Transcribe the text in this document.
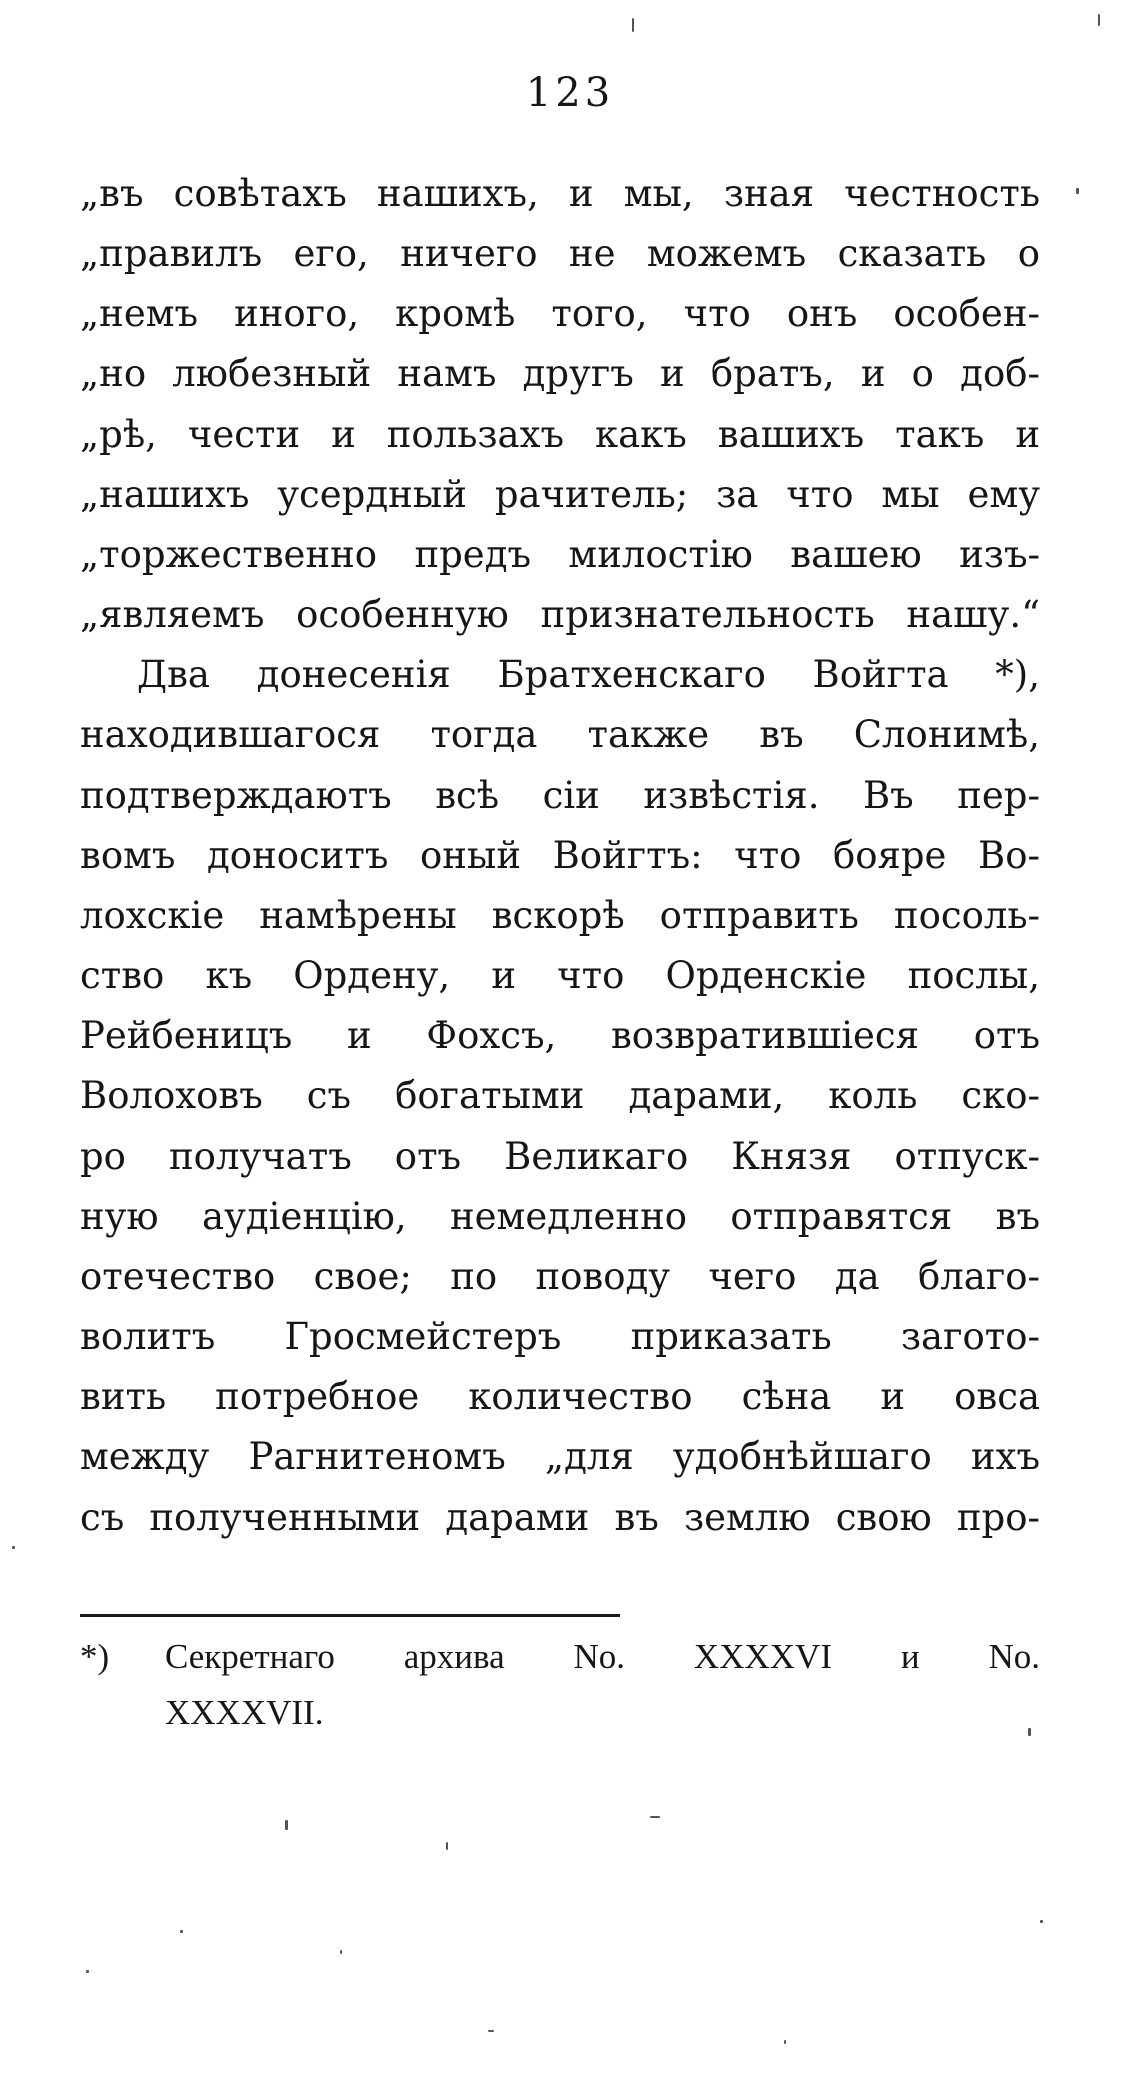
123
„въ совѣтахъ нашихъ, и мы, зная честность
„правилъ его, ничего не можемъ сказать о
„немъ иного, кромѣ того, что онъ особен-
„но любезный намъ другъ и братъ, и о доб-
„рѣ, чести и пользахъ какъ вашихъ такъ и
„нашихъ усердный рачитель; за что мы ему
„торжественно предъ милостію вашею изъ-
„являемъ особенную признательность нашу.“
Два донесенія Братхенскаго Войгта *),
находившагося тогда также въ Слонимѣ,
подтверждаютъ всѣ сіи извѣстія. Въ пер-
вомъ доноситъ оный Войгтъ: что бояре Во-
лохскіе намѣрены вскорѣ отправить посоль-
ство къ Ордену, и что Орденскіе послы,
Рейбеницъ и Фохсъ, возвратившіеся отъ
Волоховъ съ богатыми дарами, коль ско-
ро получатъ отъ Великаго Князя отпуск-
ную аудіенцію, немедленно отправятся въ
отечество свое; по поводу чего да благо-
волитъ Гросмейстеръ приказать загото-
вить потребное количество сѣна и овса
между Рагнитеномъ „для удобнѣйшаго ихъ
съ полученными дарами въ землю свою про-
*) Секретнаго архива No. XXXXVI и No.
XXXXVII.
